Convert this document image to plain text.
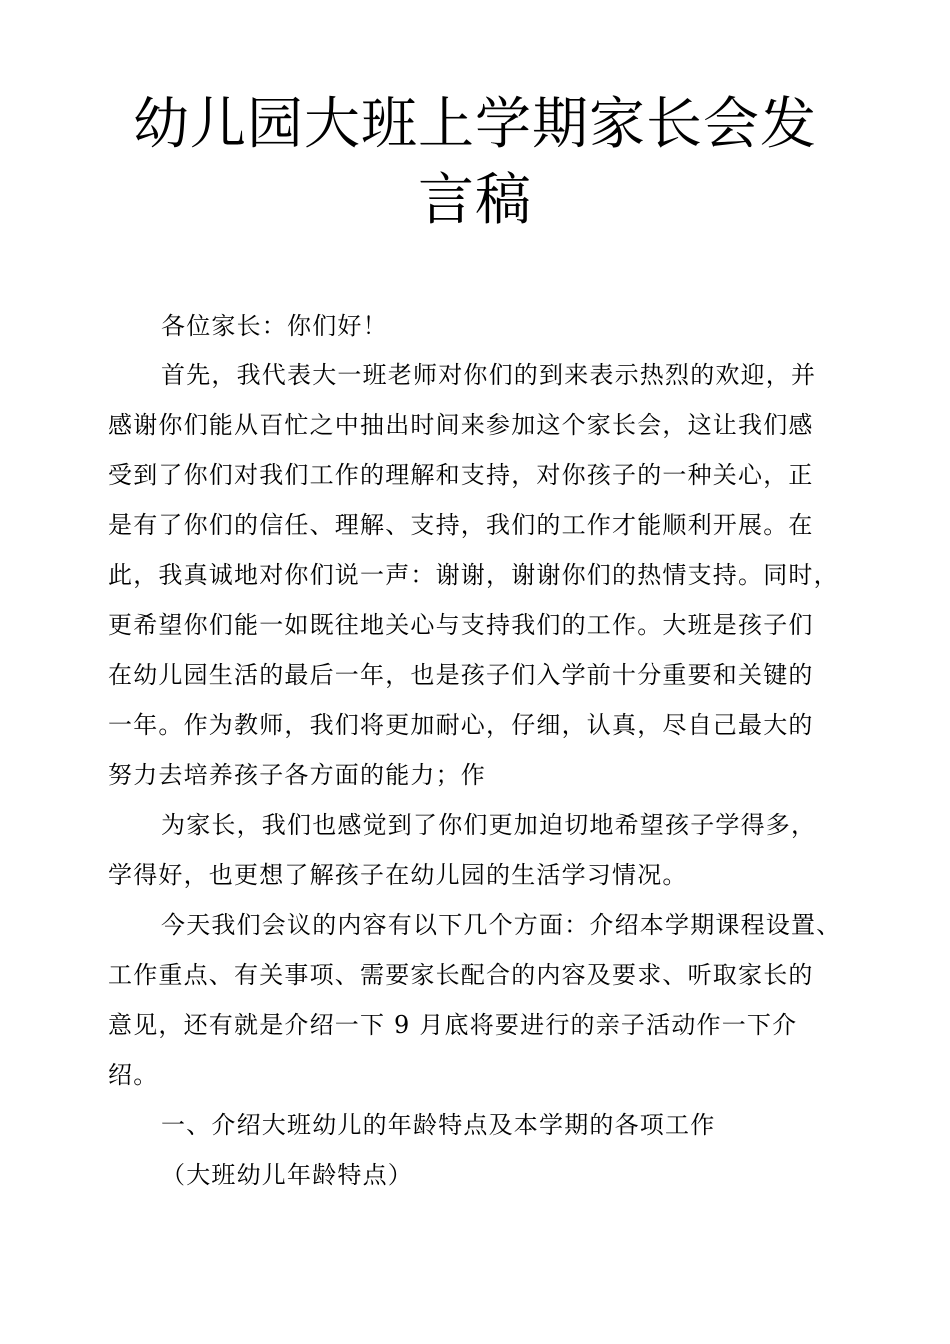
幼儿园大班上学期家长会发
言稿
各位家长：你们好！
首先，我代表大一班老师对你们的到来表示热烈的欢迎，并
感谢你们能从百忙之中抽出时间来参加这个家长会，这让我们感
受到了你们对我们工作的理解和支持，对你孩子的一种关心，正
是有了你们的信任、理解、支持，我们的工作才能顺利开展。在
此，我真诚地对你们说一声：谢谢，谢谢你们的热情支持。同时，
更希望你们能一如既往地关心与支持我们的工作。大班是孩子们
在幼儿园生活的最后一年，也是孩子们入学前十分重要和关键的
一年。作为教师，我们将更加耐心，仔细，认真，尽自己最大的
努力去培养孩子各方面的能力；作
为家长，我们也感觉到了你们更加迫切地希望孩子学得多，
学得好，也更想了解孩子在幼儿园的生活学习情况。
今天我们会议的内容有以下几个方面：介绍本学期课程设置、
工作重点、有关事项、需要家长配合的内容及要求、听取家长的
意见，还有就是介绍一下 9 月底将要进行的亲子活动作一下介
绍。
一、介绍大班幼儿的年龄特点及本学期的各项工作
（大班幼儿年龄特点）
